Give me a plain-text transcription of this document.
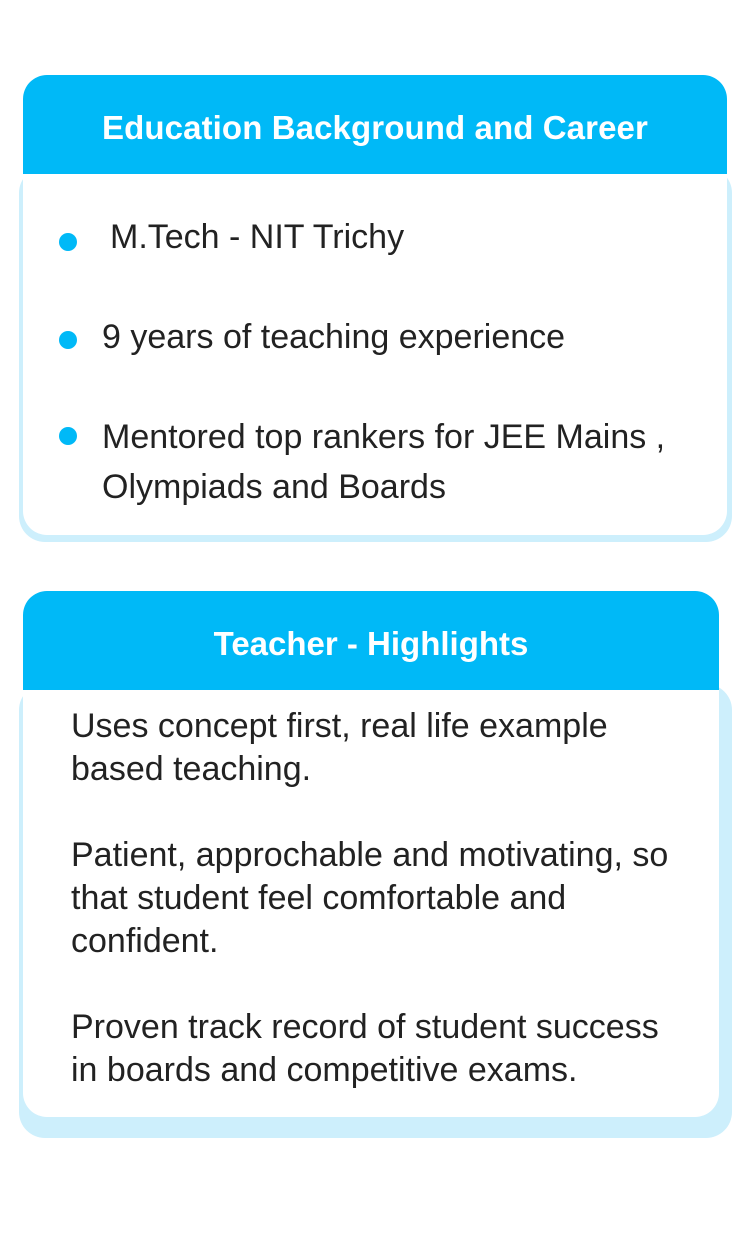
Education Background and Career
M.Tech - NIT Trichy
9 years of teaching experience
Mentored top rankers for JEE Mains ,
Olympiads and Boards
Teacher - Highlights
Uses concept first, real life example
based teaching.
Patient, approchable and motivating, so
that student feel comfortable and
confident.
Proven track record of student success
in boards and competitive exams.
